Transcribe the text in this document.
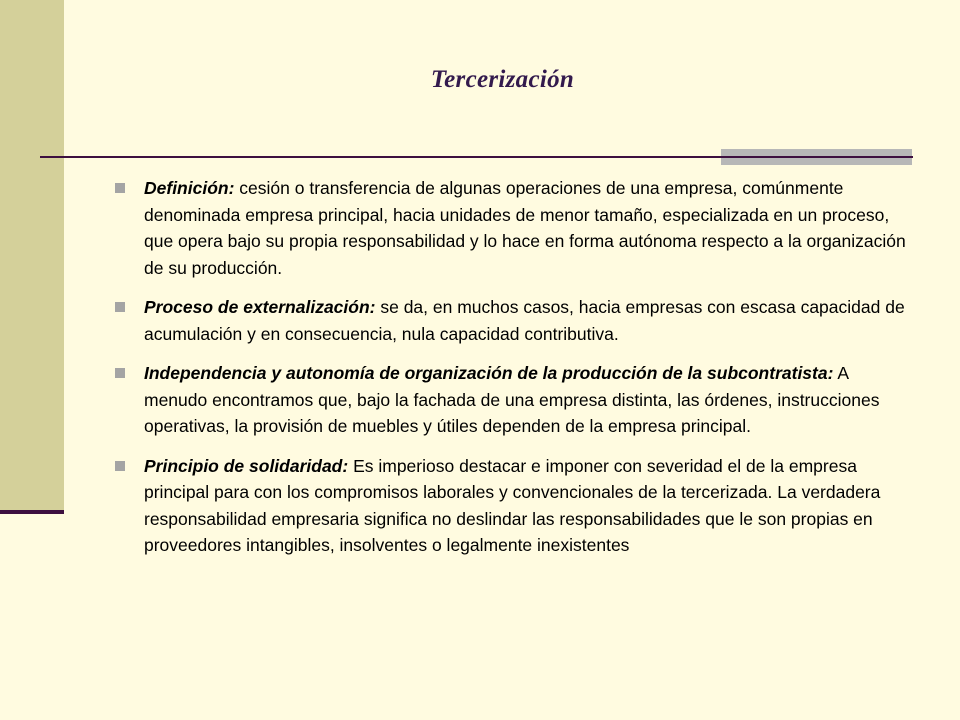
Tercerización
Definición: cesión o transferencia de algunas operaciones de una empresa, comúnmente denominada empresa principal, hacia unidades de menor tamaño, especializada en un proceso, que opera bajo su propia responsabilidad y lo hace en forma autónoma respecto a la organización de su producción.
Proceso de externalización: se da, en muchos casos, hacia empresas con escasa capacidad de acumulación y en consecuencia, nula capacidad contributiva.
Independencia y autonomía de organización de la producción de la subcontratista: A menudo encontramos que, bajo la fachada de una empresa distinta, las órdenes, instrucciones operativas, la provisión de muebles y útiles dependen de la empresa principal.
Principio de solidaridad: Es imperioso destacar e imponer con severidad el de la empresa principal para con los compromisos laborales y convencionales de la tercerizada. La verdadera responsabilidad empresaria significa no deslindar las responsabilidades que le son propias en proveedores intangibles, insolventes o legalmente inexistentes
